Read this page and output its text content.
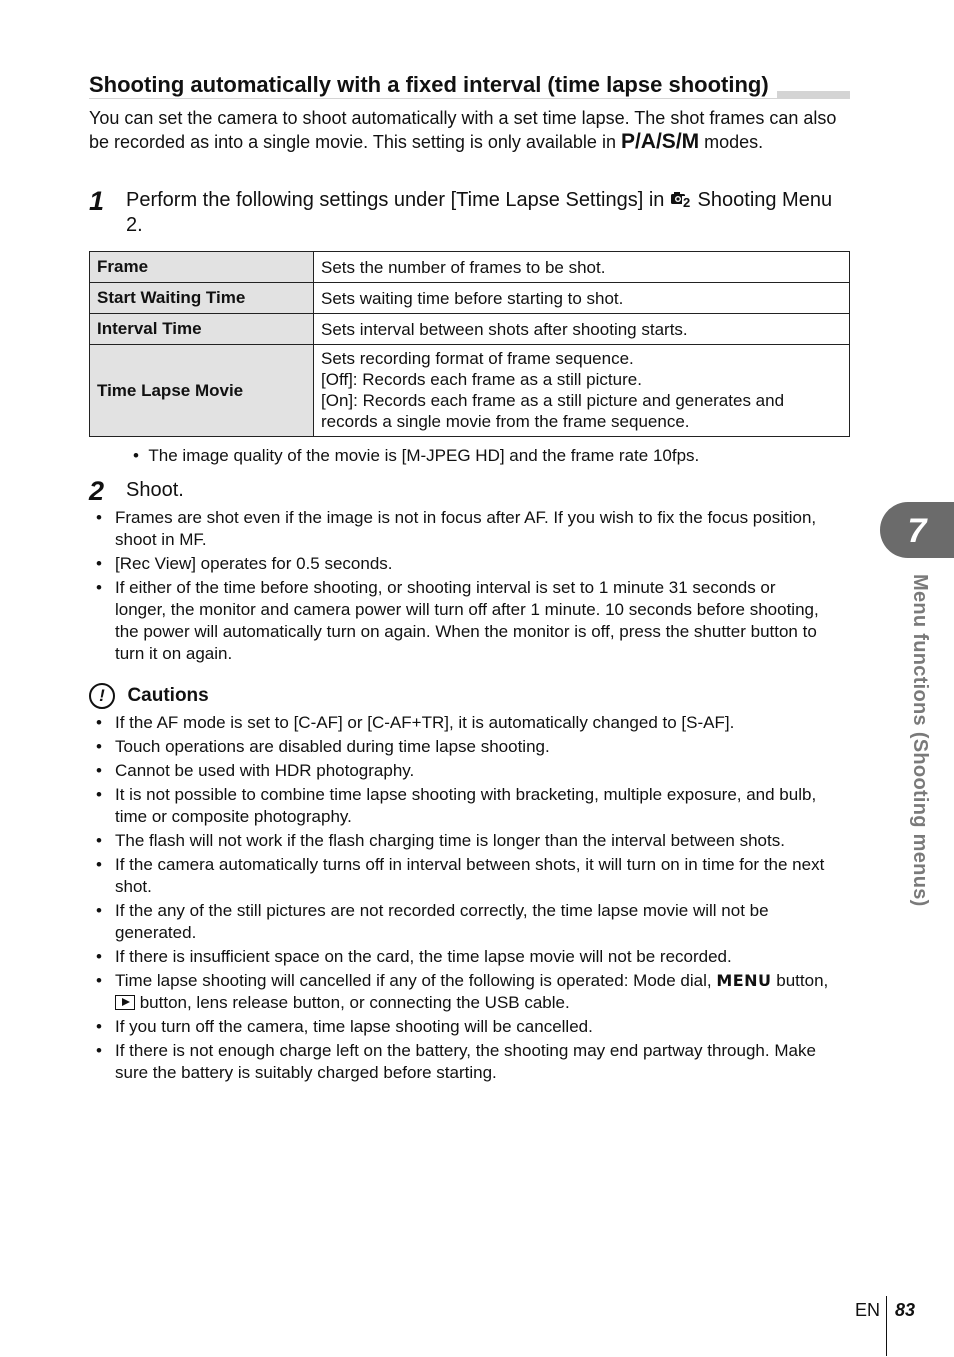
Shooting automatically with a fixed interval (time lapse shooting)
You can set the camera to shoot automatically with a set time lapse. The shot frames can also be recorded as into a single movie. This setting is only available in P/A/S/M modes.
1 Perform the following settings under [Time Lapse Settings] in 2 Shooting Menu 2.
Frame	Sets the number of frames to be shot.
Start Waiting Time	Sets waiting time before starting to shot.
Interval Time	Sets interval between shots after shooting starts.
Time Lapse Movie	Sets recording format of frame sequence.
[Off]: Records each frame as a still picture.
[On]: Records each frame as a still picture and generates and records a single movie from the frame sequence.
• The image quality of the movie is [M-JPEG HD] and the frame rate 10fps.
2 Shoot.
• Frames are shot even if the image is not in focus after AF. If you wish to fix the focus position, shoot in MF.
• [Rec View] operates for 0.5 seconds.
• If either of the time before shooting, or shooting interval is set to 1 minute 31 seconds or longer, the monitor and camera power will turn off after 1 minute. 10 seconds before shooting, the power will automatically turn on again. When the monitor is off, press the shutter button to turn it on again.
! Cautions
• If the AF mode is set to [C-AF] or [C-AF+TR], it is automatically changed to [S-AF].
• Touch operations are disabled during time lapse shooting.
• Cannot be used with HDR photography.
• It is not possible to combine time lapse shooting with bracketing, multiple exposure, and bulb, time or composite photography.
• The flash will not work if the flash charging time is longer than the interval between shots.
• If the camera automatically turns off in interval between shots, it will turn on in time for the next shot.
• If the any of the still pictures are not recorded correctly, the time lapse movie will not be generated.
• If there is insufficient space on the card, the time lapse movie will not be recorded.
• Time lapse shooting will cancelled if any of the following is operated: Mode dial, MENU button,  button, lens release button, or connecting the USB cable.
• If you turn off the camera, time lapse shooting will be cancelled.
• If there is not enough charge left on the battery, the shooting may end partway through. Make sure the battery is suitably charged before starting.
7
Menu functions (Shooting menus)
EN 83
